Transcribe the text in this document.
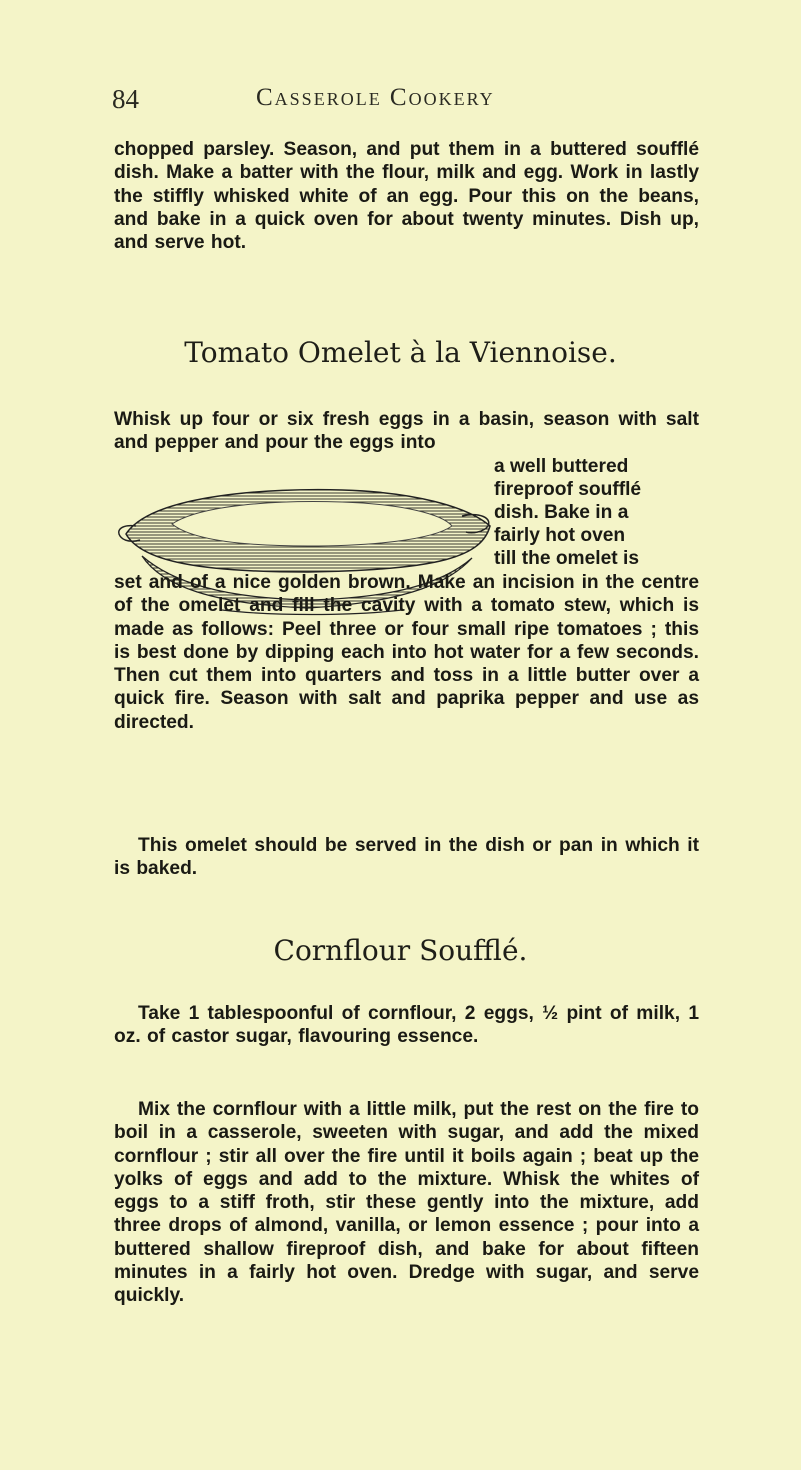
84	Casserole Cookery
chopped parsley. Season, and put them in a buttered soufflé dish. Make a batter with the flour, milk and egg. Work in lastly the stiffly whisked white of an egg. Pour this on the beans, and bake in a quick oven for about twenty minutes. Dish up, and serve hot.
Tomato Omelet à la Viennoise.
Whisk up four or six fresh eggs in a basin, season with salt and pepper and pour the eggs into
a well buttered
fireproof soufflé
dish. Bake in a
fairly hot oven
till the omelet is
set and of a nice golden brown. Make an incision in the centre of the omelet and fill the cavity with a tomato stew, which is made as follows: Peel three or four small ripe tomatoes ; this is best done by dipping each into hot water for a few seconds. Then cut them into quarters and toss in a little butter over a quick fire. Season with salt and paprika pepper and use as directed.
This omelet should be served in the dish or pan in which it is baked.
Cornflour Soufflé.
Take 1 tablespoonful of cornflour, 2 eggs, ½ pint of milk, 1 oz. of castor sugar, flavouring essence.
Mix the cornflour with a little milk, put the rest on the fire to boil in a casserole, sweeten with sugar, and add the mixed cornflour ; stir all over the fire until it boils again ; beat up the yolks of eggs and add to the mixture. Whisk the whites of eggs to a stiff froth, stir these gently into the mixture, add three drops of almond, vanilla, or lemon essence ; pour into a buttered shallow fireproof dish, and bake for about fifteen minutes in a fairly hot oven. Dredge with sugar, and serve quickly.
